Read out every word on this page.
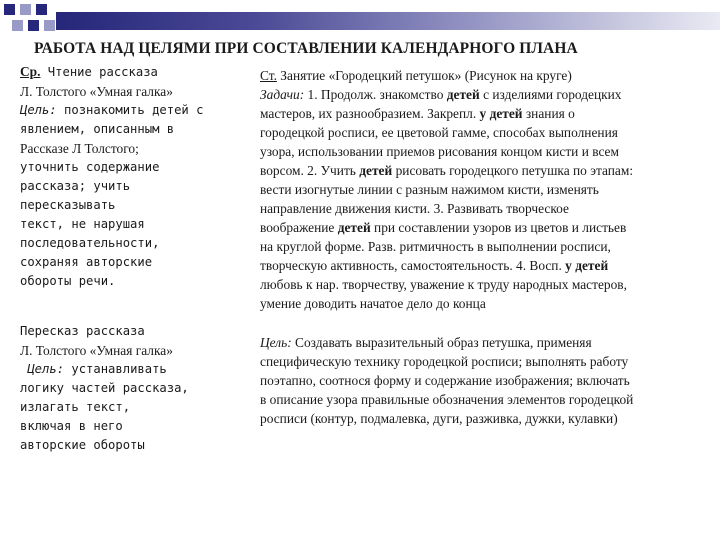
РАБОТА НАД ЦЕЛЯМИ ПРИ СОСТАВЛЕНИИ КАЛЕНДАРНОГО ПЛАНА
Ср. Чтение рассказа
Л. Толстого «Умная галка»
Цель: познакомить детей с
явлением, описанным в
Рассказе Л Толстого;
уточнить содержание
рассказа; учить
пересказывать
текст, не нарушая
последовательности,
сохраняя авторские
обороты речи.
Пересказ рассказа
Л. Толстого «Умная галка»
Цель: устанавливать
логику частей рассказа,
излагать текст,
включая в него
авторские обороты
Ст. Занятие «Городецкий петушок» (Рисунок на круге)
Задачи: 1. Продолж. знакомство детей с изделиями городецких
мастеров, их разнообразием. Закрепл. у детей знания о
городецкой росписи, ее цветовой гамме, способах выполнения
узора, использовании приемов рисования концом кисти и всем
ворсом. 2. Учить детей рисовать городецкого петушка по этапам:
вести изогнутые линии с разным нажимом кисти, изменять
направление движения кисти. 3. Развивать творческое
воображение детей при составлении узоров из цветов и листьев
на круглой форме. Разв. ритмичность в выполнении росписи,
творческую активность, самостоятельность. 4. Восп. у детей
любовь к нар. творчеству, уважение к труду народных мастеров,
умение доводить начатое дело до конца
Цель: Создавать выразительный образ петушка, применяя
специфическую технику городецкой росписи; выполнять работу
поэтапно, соотнося форму и содержание изображения; включать
в описание узора правильные обозначения элементов городецкой
росписи (контур, подмалевка, дуги, разживка, дужки, кулавки)
